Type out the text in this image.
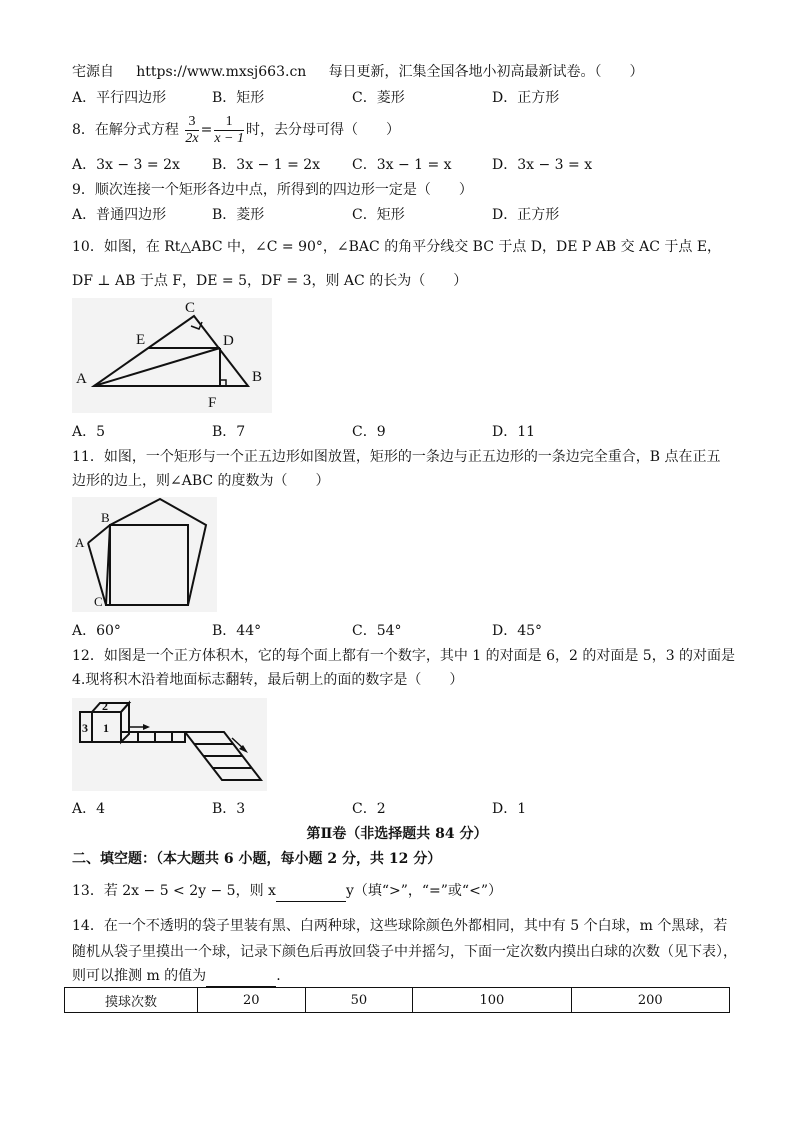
宅源自 https://www.mxsj663.cn 每日更新，汇集全国各地小初高最新试卷。（　　）
A．平行四边形	B．矩形	C．菱形	D．正方形
8．在解分式方程 $\frac{3}{2x} = \frac{1}{x - 1}$ 时，去分母可得（　　）
A．3x − 3 = 2x B．3x − 1 = 2x C．3x − 1 = x	D．3x − 3 = x
9．顺次连接一个矩形各边中点，所得到的四边形一定是（　　）
A．普通四边形	B．菱形	C．矩形	D．正方形
10．如图，在 Rt△ABC 中，∠C = 90°，∠BAC 的角平分线交 BC 于点 D，DE P AB 交 AC 于点 E，
DF ⊥ AB 于点 F，DE = 5，DF = 3，则 AC 的长为（　　）
A	B
C
D
E
F
A．5	B．7	C．9	D．11
11．如图，一个矩形与一个正五边形如图放置，矩形的一条边与正五边形的一条边完全重合，B 点在正五
边形的边上，则∠ABC 的度数为（　　）
B
A
C
A．60°	B．44°	C．54°	D．45°
12．如图是一个正方体积木，它的每个面上都有一个数字，其中 1 的对面是 6，2 的对面是 5，3 的对面是
4.现将积木沿着地面标志翻转，最后朝上的面的数字是（　　）
2
1
3
A．4	B．3	C．2	D．1
第Ⅱ卷（非选择题共 84 分）
二、填空题：（本大题共 6 小题，每小题 2 分，共 12 分）
13．若 2x − 5 < 2y − 5，则 x	y（填“>”，“=”或“<”）
14．在一个不透明的袋子里装有黑、白两种球，这些球除颜色外都相同，其中有 5 个白球，m 个黑球，若
随机从袋子里摸出一个球，记录下颜色后再放回袋子中并摇匀，下面一定次数内摸出白球的次数（见下表），
则可以推测 m 的值为	.
摸球次数	20	50	100	200
